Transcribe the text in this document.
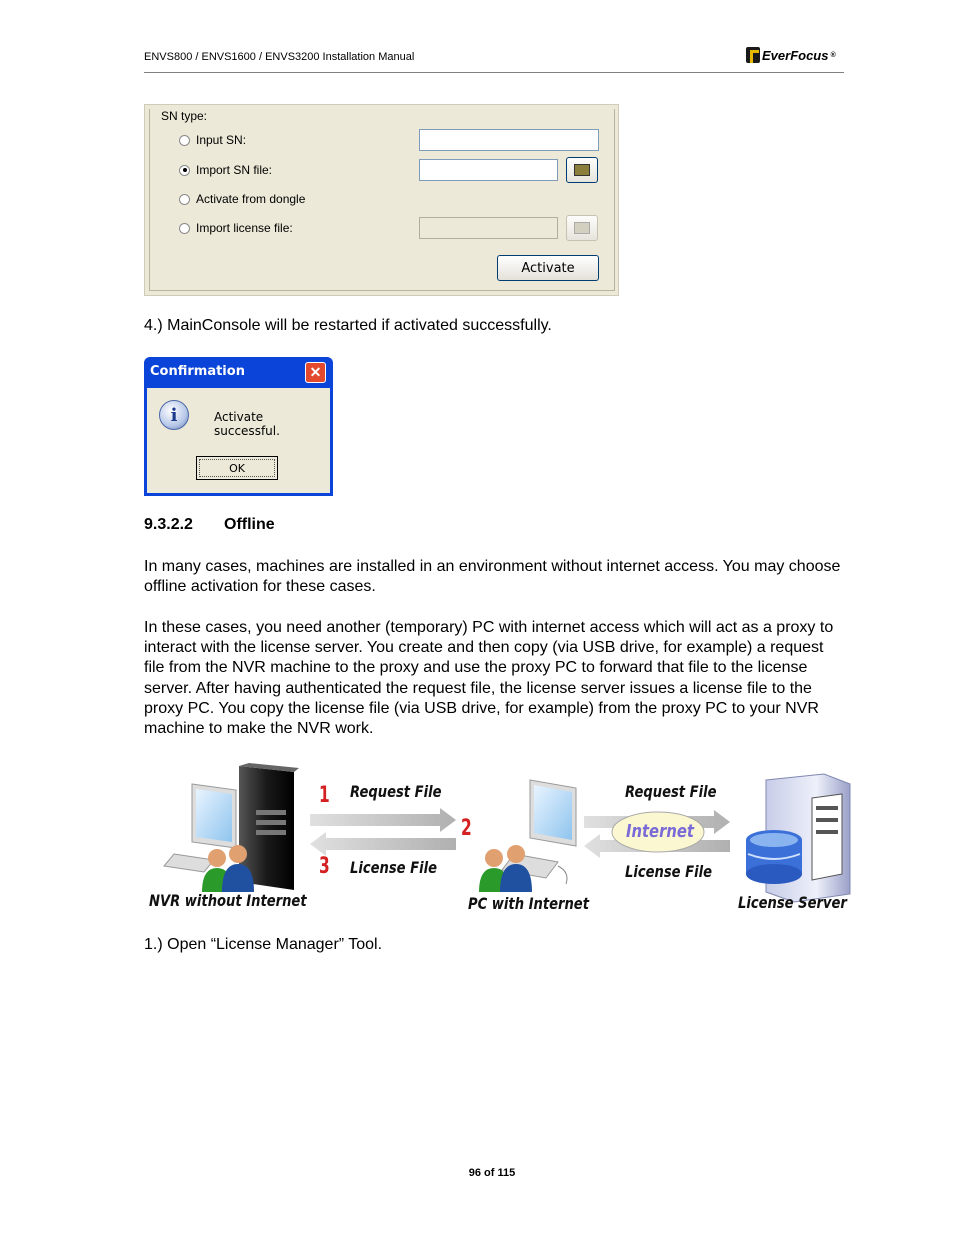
ENVS800 / ENVS1600 / ENVS3200 Installation Manual	EverFocus ®
SN type:
Input SN:
Import SN file:
Activate from dongle
Import license file:
Activate
4.) MainConsole will be restarted if activated successfully.
Confirmation	✕
i	Activate successful.
OK
9.3.2.2 Offline
In many cases, machines are installed in an environment without internet access. You may choose offline activation for these cases.
In these cases, you need another (temporary) PC with internet access which will act as a proxy to interact with the license server. You create and then copy (via USB drive, for example) a request file from the NVR machine to the proxy and use the proxy PC to forward that file to the license server. After having authenticated the request file, the license server issues a license file to the proxy PC. You copy the license file (via USB drive, for example) from the proxy PC to your NVR machine to make the NVR work.
1 Request File
2
3 License File
Request File
Internet
License File
NVR without Internet	PC with Internet	License Server
1.) Open “License Manager” Tool.
96 of 115
